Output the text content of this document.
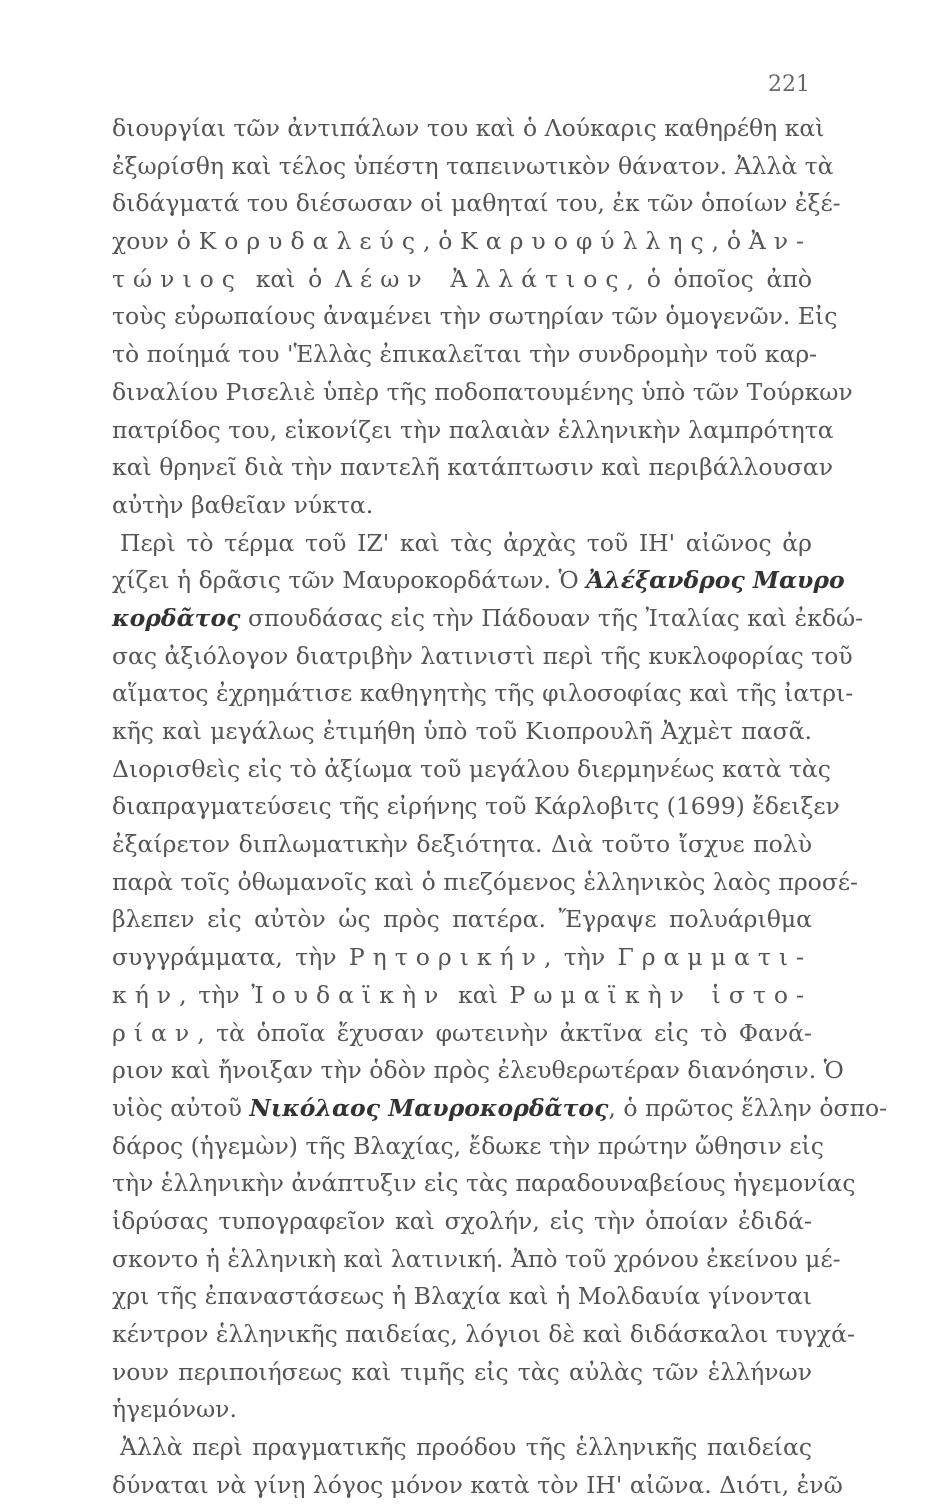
221
διουργίαι τῶν ἀντιπάλων του καὶ ὁ Λούκαρις καθηρέθη καὶ
ἐξωρίσθη καὶ τέλος ὑπέστη ταπεινωτικὸν θάνατον. Ἀλλὰ τὰ
διδάγματά του διέσωσαν οἱ μαθηταί του, ἐκ τῶν ὁποίων ἐξέ-
χουν ὁ Κορυδαλεύς, ὁ Καρυοφύλλης, ὁ Ἀν-
τώνιος καὶ ὁ Λέων Ἀλλάτιος, ὁ ὁποῖος ἀπὸ
τοὺς εὐρωπαίους ἀναμένει τὴν σωτηρίαν τῶν ὁμογενῶν. Εἰς
τὸ ποίημά του 'Ἑλλὰς ἐπικαλεῖται τὴν συνδρομὴν τοῦ καρ-
διναλίου Ρισελιὲ ὑπὲρ τῆς ποδοπατουμένης ὑπὸ τῶν Τούρκων
πατρίδος του, εἰκονίζει τὴν παλαιὰν ἑλληνικὴν λαμπρότητα
καὶ θρηνεῖ διὰ τὴν παντελῆ κατάπτωσιν καὶ περιβάλλουσαν
αὐτὴν βαθεῖαν νύκτα.
Περὶ τὸ τέρμα τοῦ ΙΖ' καὶ τὰς ἀρχὰς τοῦ ΙΗ' αἰῶνος ἀρ
χίζει ἡ δρᾶσις τῶν Μαυροκορδάτων. Ὁ Ἀλέξανδρος Μαυρο
κορδᾶτος σπουδάσας εἰς τὴν Πάδουαν τῆς Ἰταλίας καὶ ἐκδώ-
σας ἀξιόλογον διατριβὴν λατινιστὶ περὶ τῆς κυκλοφορίας τοῦ
αἵματος ἐχρημάτισε καθηγητὴς τῆς φιλοσοφίας καὶ τῆς ἰατρι-
κῆς καὶ μεγάλως ἐτιμήθη ὑπὸ τοῦ Κιοπρουλῆ Ἀχμὲτ πασᾶ.
Διορισθεὶς εἰς τὸ ἀξίωμα τοῦ μεγάλου διερμηνέως κατὰ τὰς
διαπραγματεύσεις τῆς εἰρήνης τοῦ Κάρλοβιτς (1699) ἔδειξεν
ἐξαίρετον διπλωματικὴν δεξιότητα. Διὰ τοῦτο ἴσχυε πολὺ
παρὰ τοῖς ὀθωμανοῖς καὶ ὁ πιεζόμενος ἑλληνικὸς λαὸς προσέ-
βλεπεν εἰς αὐτὸν ὡς πρὸς πατέρα. Ἔγραψε πολυάριθμα
συγγράμματα, τὴν Ρητορικήν, τὴν Γραμματι-
κήν, τὴν Ἰουδαϊκὴν καὶ Ρωμαϊκὴν ἱστο-
ρίαν, τὰ ὁποῖα ἔχυσαν φωτεινὴν ἀκτῖνα εἰς τὸ Φανά-
ριον καὶ ἤνοιξαν τὴν ὁδὸν πρὸς ἐλευθερωτέραν διανόησιν. Ὁ
υἱὸς αὐτοῦ Νικόλαος Μαυροκορδᾶτος, ὁ πρῶτος ἕλλην ὁσπο-
δάρος (ἡγεμὼν) τῆς Βλαχίας, ἔδωκε τὴν πρώτην ὤθησιν εἰς
τὴν ἑλληνικὴν ἀνάπτυξιν εἰς τὰς παραδουναβείους ἡγεμονίας
ἱδρύσας τυπογραφεῖον καὶ σχολήν, εἰς τὴν ὁποίαν ἐδιδά-
σκοντο ἡ ἑλληνικὴ καὶ λατινική. Ἀπὸ τοῦ χρόνου ἐκείνου μέ-
χρι τῆς ἐπαναστάσεως ἡ Βλαχία καὶ ἡ Μολδαυία γίνονται
κέντρον ἑλληνικῆς παιδείας, λόγιοι δὲ καὶ διδάσκαλοι τυγχά-
νουν περιποιήσεως καὶ τιμῆς εἰς τὰς αὐλὰς τῶν ἑλλήνων
ἡγεμόνων.
Ἀλλὰ περὶ πραγματικῆς προόδου τῆς ἑλληνικῆς παιδείας
δύναται νὰ γίνῃ λόγος μόνον κατὰ τὸν ΙΗ' αἰῶνα. Διότι, ἐνῶ
